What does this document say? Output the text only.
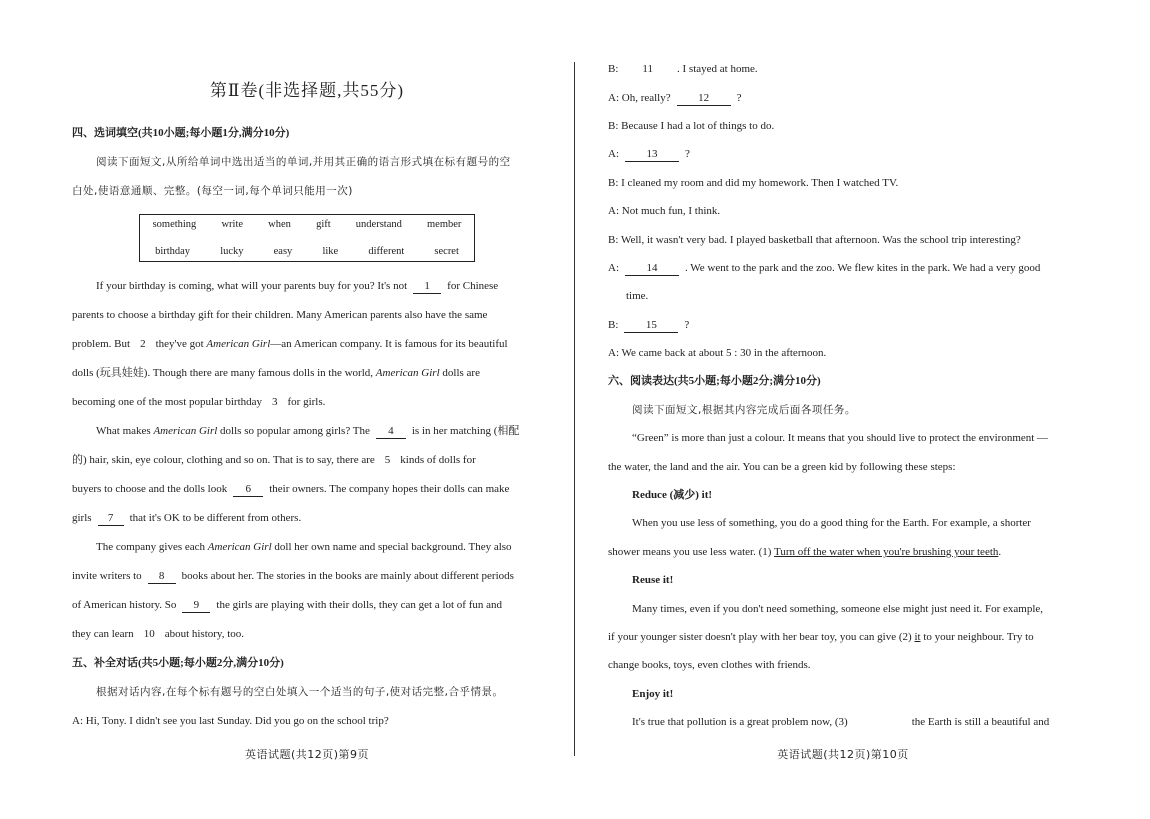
第Ⅱ卷(非选择题,共55分)
四、选词填空(共10小题;每小题1分,满分10分)
阅读下面短文,从所给单词中选出适当的单词,并用其正确的语言形式填在标有题号的空
白处,使语意通顺、完整。(每空一词,每个单词只能用一次)
something write when gift understand member
birthday	lucky	easy	like	different	secret
If your birthday is coming, what will your parents buy for you? It's not 1 for Chinese
parents to choose a birthday gift for their children. Many American parents also have the same
problem. But 2 they've got American Girl—an American company. It is famous for its beautiful
dolls (玩具娃娃). Though there are many famous dolls in the world, American Girl dolls are
becoming one of the most popular birthday 3 for girls.
What makes American Girl dolls so popular among girls? The 4 is in her matching (相配
的) hair, skin, eye colour, clothing and so on. That is to say, there are 5 kinds of dolls for
buyers to choose and the dolls look 6 their owners. The company hopes their dolls can make
girls 7 that it's OK to be different from others.
The company gives each American Girl doll her own name and special background. They also
invite writers to 8 books about her. The stories in the books are mainly about different periods
of American history. So 9 the girls are playing with their dolls, they can get a lot of fun and
they can learn 10 about history, too.
五、补全对话(共5小题;每小题2分,满分10分)
根据对话内容,在每个标有题号的空白处填入一个适当的句子,使对话完整,合乎情景。
A: Hi, Tony. I didn't see you last Sunday. Did you go on the school trip?
英语试题(共12页)第9页
B: 11 . I stayed at home.
A: Oh, really?	12	?
B: Because I had a lot of things to do.
A:	13	?
B: I cleaned my room and did my homework. Then I watched TV.
A: Not much fun, I think.
B: Well, it wasn't very bad. I played basketball that afternoon. Was the school trip interesting?
A:	14	. We went to the park and the zoo. We flew kites in the park. We had a very good
time.
B:	15	?
A: We came back at about 5 : 30 in the afternoon.
六、阅读表达(共5小题;每小题2分;满分10分)
阅读下面短文,根据其内容完成后面各项任务。
“Green” is more than just a colour. It means that you should live to protect the environment —
the water, the land and the air. You can be a green kid by following these steps:
Reduce (减少) it!
When you use less of something, you do a good thing for the Earth. For example, a shorter
shower means you use less water. (1) Turn off the water when you're brushing your teeth.
Reuse it!
Many times, even if you don't need something, someone else might just need it. For example,
if your younger sister doesn't play with her bear toy, you can give (2) it to your neighbour. Try to
change books, toys, even clothes with friends.
Enjoy it!
It's true that pollution is a great problem now, (3)	the Earth is still a beautiful and
英语试题(共12页)第10页
